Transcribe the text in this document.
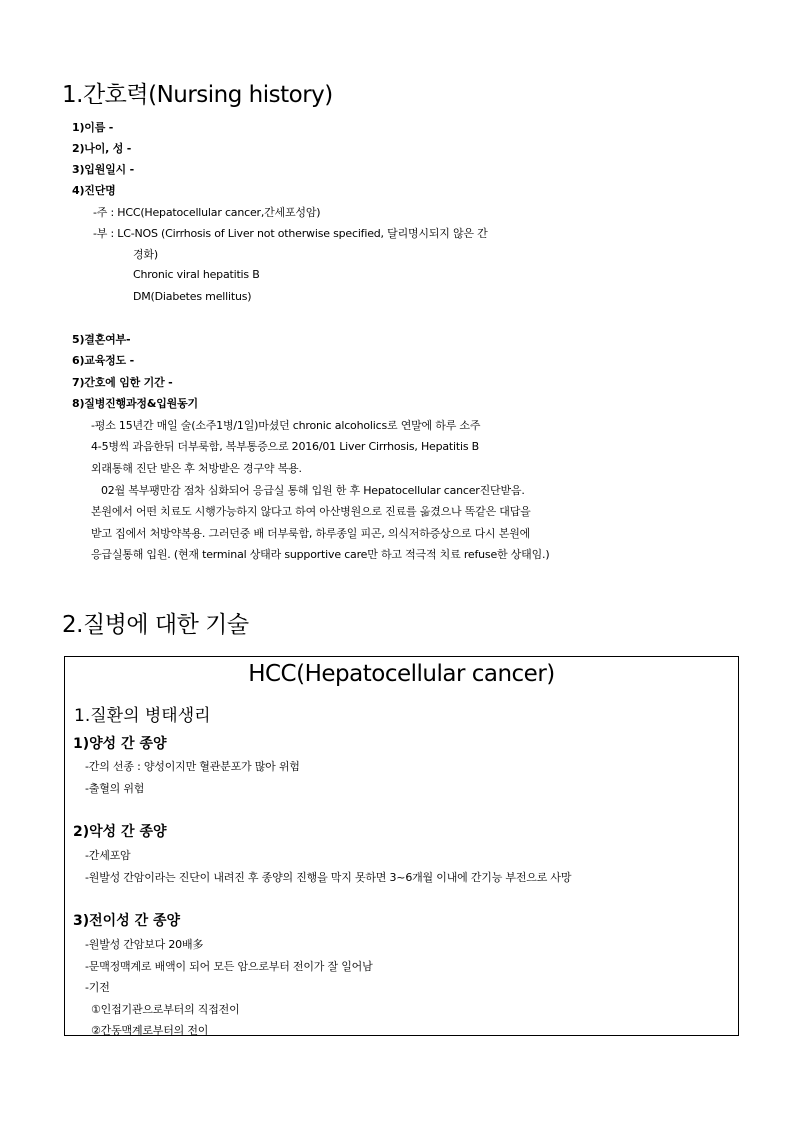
1.간호력(Nursing history)
1)이름 -
2)나이, 성 -
3)입원일시 -
4)진단명
-주 : HCC(Hepatocellular cancer,간세포성암)
-부 : LC-NOS (Cirrhosis of Liver not otherwise specified, 달리명시되지 않은 간
경화)
Chronic viral hepatitis B
DM(Diabetes mellitus)
5)결혼여부-
6)교육정도 -
7)간호에 임한 기간 -
8)질병진행과정&입원동기
-평소 15년간 매일 술(소주1병/1일)마셨던 chronic alcoholics로 연말에 하루 소주
4-5병씩 과음한뒤 더부룩함, 복부통증으로 2016/01 Liver Cirrhosis, Hepatitis B
외래통해 진단 받은 후 처방받은 경구약 복용.
02월 복부팽만감 점차 심화되어 응급실 통해 입원 한 후 Hepatocellular cancer진단받음.
본원에서 어떤 치료도 시행가능하지 않다고 하여 아산병원으로 진료를 옮겼으나 똑같은 대답을
받고 집에서 처방약복용. 그러던중 배 더부룩함, 하루종일 피곤, 의식저하증상으로 다시 본원에
응급실통해 입원. (현재 terminal 상태라 supportive care만 하고 적극적 치료 refuse한 상태임.)
2.질병에 대한 기술
HCC(Hepatocellular cancer)
1.질환의 병태생리
1)양성 간 종양
-간의 선종 : 양성이지만 혈관분포가 많아 위험
-출혈의 위험
2)악성 간 종양
-간세포암
-원발성 간암이라는 진단이 내려진 후 종양의 진행을 막지 못하면 3~6개월 이내에 간기능 부전으로 사망
3)전이성 간 종양
-원발성 간암보다 20배多
-문맥정맥계로 배액이 되어 모든 암으로부터 전이가 잘 일어남
-기전
①인접기관으로부터의 직접전이
②간동맥계로부터의 전이
